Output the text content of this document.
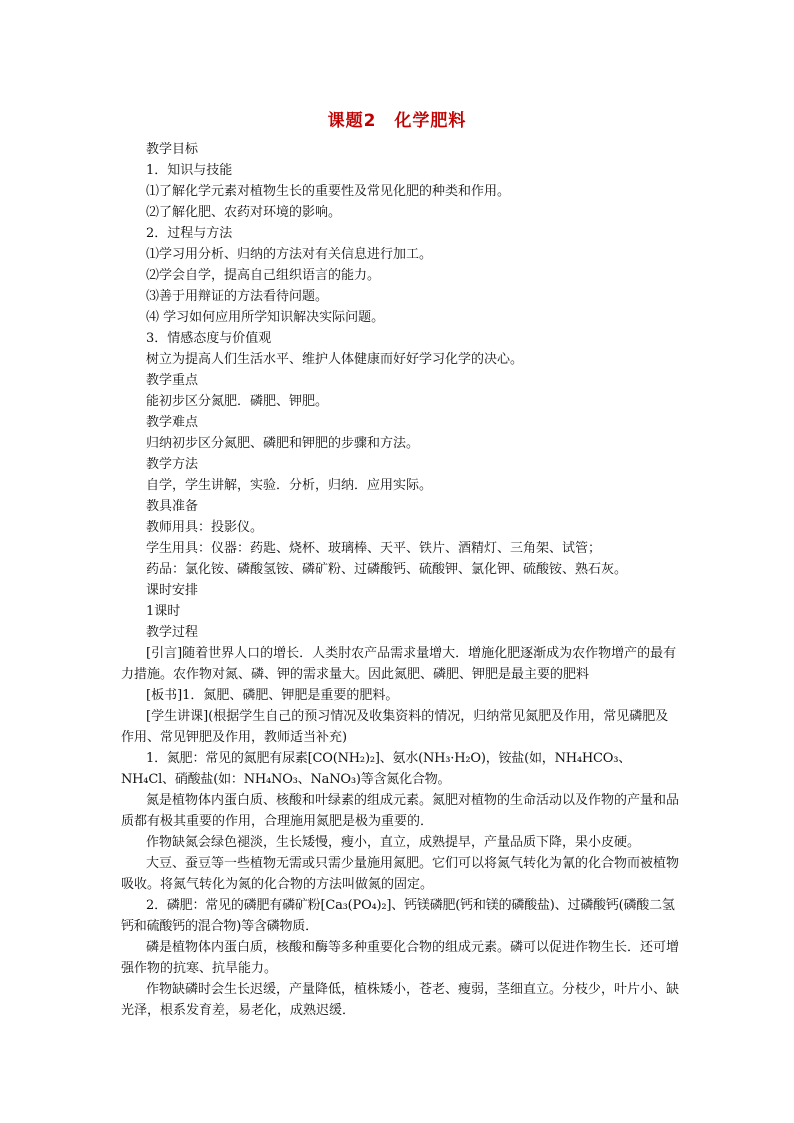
课题2　化学肥料
教学目标
1．知识与技能
⑴了解化学元素对植物生长的重要性及常见化肥的种类和作用。
⑵了解化肥、农药对环境的影响。
2．过程与方法
⑴学习用分析、归纳的方法对有关信息进行加工。
⑵学会自学，提高自己组织语言的能力。
⑶善于用辩证的方法看待问题。
⑷ 学习如何应用所学知识解决实际问题。
3．情感态度与价值观
树立为提高人们生活水平、维护人体健康而好好学习化学的决心。
教学重点
能初步区分氮肥．磷肥、钾肥。
教学难点
归纳初步区分氮肥、磷肥和钾肥的步骤和方法。
教学方法
自学，学生讲解，实验．分析，归纳．应用实际。
教具准备
教师用具：投影仪。
学生用具：仪器：药匙、烧杯、玻璃棒、天平、铁片、酒精灯、三角架、试管；
药品：氯化铵、磷酸氢铵、磷矿粉、过磷酸钙、硫酸钾、氯化钾、硫酸铵、熟石灰。
课时安排
1课时
教学过程
[引言]随着世界人口的增长．人类肘农产品需求量增大．增施化肥逐渐成为农作物增产的最有力措施。农作物对氮、磷、钾的需求量大。因此氮肥、磷肥、钾肥是最主要的肥料
[板书]1．氮肥、磷肥、钾肥是重要的肥料。
[学生讲课](根据学生自己的预习情况及收集资料的情况，归纳常见氮肥及作用，常见磷肥及作用、常见钾肥及作用，教师适当补充)
1．氮肥：常见的氮肥有尿素[CO(NH₂)₂]、氨水(NH₃·H₂O)，铵盐(如，NH₄HCO₃、NH₄Cl、硝酸盐(如：NH₄NO₃、NaNO₃)等含氮化合物。
氮是植物体内蛋白质、核酸和叶绿素的组成元素。氮肥对植物的生命活动以及作物的产量和品质都有极其重要的作用，合理施用氮肥是极为重要的．
作物缺氮会绿色褪淡，生长矮慢，瘦小，直立，成熟提早，产量品质下降，果小皮硬。
大豆、蚕豆等一些植物无需或只需少量施用氮肥。它们可以将氮气转化为氰的化合物而被植物吸收。将氮气转化为氮的化合物的方法叫做氮的固定。
2．磷肥：常见的磷肥有磷矿粉[Ca₃(PO₄)₂]、钙镁磷肥(钙和镁的磷酸盐)、过磷酸钙(磷酸二氢钙和硫酸钙的混合物)等含磷物质．
磷是植物体内蛋白质，核酸和酶等多种重要化合物的组成元素。磷可以促进作物生长．还可增强作物的抗寒、抗旱能力。
作物缺磷时会生长迟缓，产量降低，植株矮小，苍老、瘦弱，茎细直立。分枝少，叶片小、缺光泽，根系发育差，易老化，成熟迟缓．
